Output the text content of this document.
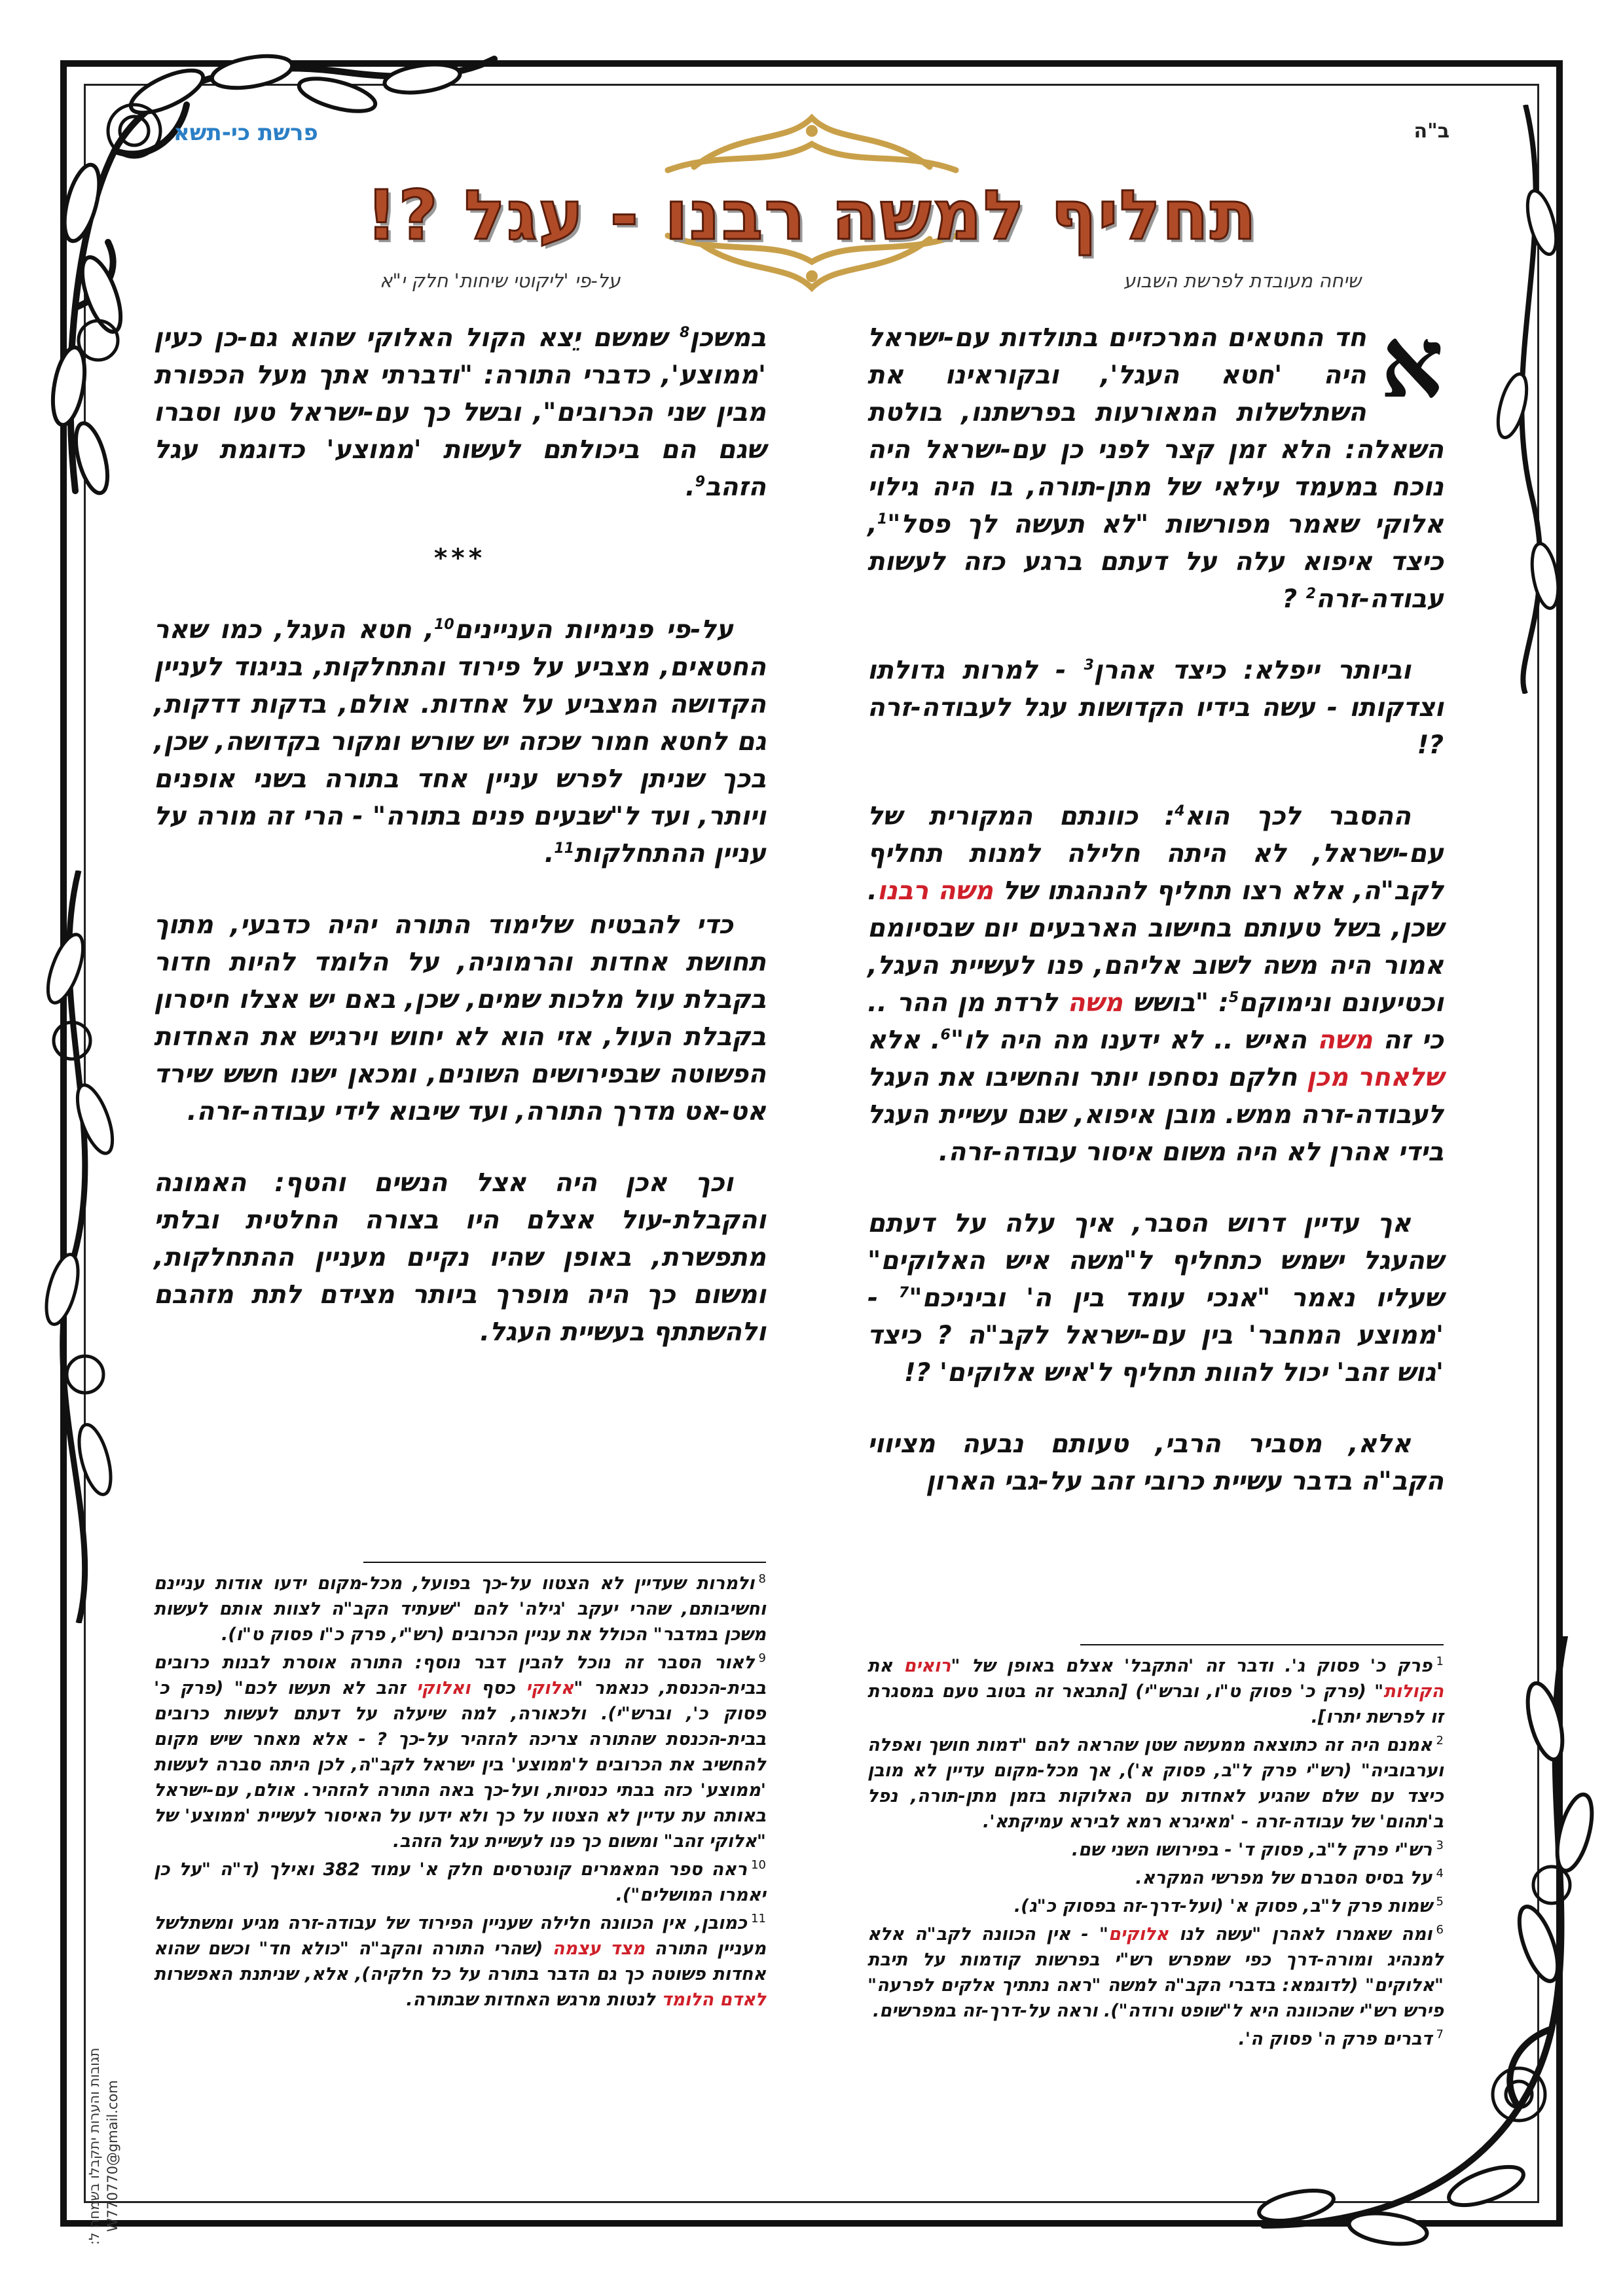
פרשת כי-תשא	ב"ה
תחליף למשה רבנו - עגל ?!
שיחה מעובדת לפרשת השבוע
על-פי 'ליקוטי שיחות' חלק י"א

א
חד החטאים המרכזיים בתולדות עם-ישראל היה 'חטא העגל', ובקוראינו את השתלשלות המאורעות בפרשתנו, בולטת השאלה: הלא זמן קצר לפני כן עם-ישראל היה נוכח במעמד עילאי של מתן-תורה, בו היה גילוי אלוקי שאמר מפורשות "לא תעשה לך פסל"$^1$, כיצד איפוא עלה על דעתם ברגע כזה לעשות עבודה-זרה$^2$ ?

וביותר ייפלא: כיצד אהרן$^3$ - למרות גדולתו וצדקותו - עשה בידיו הקדושות עגל לעבודה-זרה ?!

ההסבר לכך הוא$^4$: כוונתם המקורית של עם-ישראל, לא היתה חלילה למנות תחליף לקב"ה, אלא רצו תחליף להנהגתו של משה רבנו. שכן, בשל טעותם בחישוב הארבעים יום שבסיומם אמור היה משה לשוב אליהם, פנו לעשיית העגל, וכטיעונם ונימוקם$^5$: "בושש משה לרדת מן ההר .. כי זה משה האיש .. לא ידענו מה היה לו"$^6$. אלא שלאחר מכן חלקם נסחפו יותר והחשיבו את העגל לעבודה-זרה ממש. מובן איפוא, שגם עשיית העגל בידי אהרן לא היה משום איסור עבודה-זרה.

אך עדיין דרוש הסבר, איך עלה על דעתם שהעגל ישמש כתחליף ל"משה איש האלוקים" שעליו נאמר "אנכי עומד בין ה' וביניכם"$^7$ - 'ממוצע המחבר' בין עם-ישראל לקב"ה ? כיצד 'גוש זהב' יכול להוות תחליף ל'איש אלוקים' ?!

אלא, מסביר הרבי, טעותם נבעה מציווי הקב"ה בדבר עשיית כרובי זהב על-גבי הארון

במשכן$^8$ שמשם יֵצא הקול האלוקי שהוא גם-כן כעין 'ממוצע', כדברי התורה: "ודברתי אתך מעל הכפורת מבין שני הכרובים", ובשל כך עם-ישראל טעו וסברו שגם הם ביכולתם לעשות 'ממוצע' כדוגמת עגל הזהב$^9$.

***

על-פי פנימיות העניינים$^{10}$, חטא העגל, כמו שאר החטאים, מצביע על פירוד והתחלקות, בניגוד לעניין הקדושה המצביע על אחדות. אולם, בדקות דדקות, גם לחטא חמור שכזה יש שורש ומקור בקדושה, שכן, בכך שניתן לפרש עניין אחד בתורה בשני אופנים ויותר, ועד ל"שבעים פנים בתורה" - הרי זה מורה על עניין ההתחלקות$^{11}$.

כדי להבטיח שלימוד התורה יהיה כדבעי, מתוך תחושת אחדות והרמוניה, על הלומד להיות חדור בקבלת עול מלכות שמים, שכן, באם יש אצלו חיסרון בקבלת העול, אזי הוא לא יחוש וירגיש את האחדות הפשוטה שבפירושים השונים, ומכאן ישנו חשש שירד אט-אט מדרך התורה, ועד שיבוא לידי עבודה-זרה.

וכך אכן היה אצל הנשים והטף: האמונה והקבלת-עול אצלם היו בצורה החלטית ובלתי מתפשרת, באופן שהיו נקיים מעניין ההתחלקות, ומשום כך היה מופרך ביותר מצידם לתת מזהבם ולהשתתף בעשיית העגל.

$^1$פרק כ' פסוק ג'. ודבר זה 'התקבל' אצלם באופן של "רואים את הקולות" (פרק כ' פסוק ט"ו, וברש"י) [התבאר זה בטוב טעם במסגרת זו לפרשת יתרו].
$^2$אמנם היה זה כתוצאה ממעשה שטן שהראה להם "דמות חושך ואפלה וערבוביה" (רש"י פרק ל"ב, פסוק א'), אך מכל-מקום עדיין לא מובן כיצד עם שלם שהגיע לאחדות עם האלוקות בזמן מתן-תורה, נפל ב'תהום' של עבודה-זרה - 'מאיגרא רמא לבירא עמיקתא'.
$^3$רש"י פרק ל"ב, פסוק ד' - בפירושו השני שם.
$^4$על בסיס הסברם של מפרשי המקרא.
$^5$שמות פרק ל"ב, פסוק א' (ועל-דרך-זה בפסוק כ"ג).
$^6$ומה שאמרו לאהרן "עשה לנו אלוקים" - אין הכוונה לקב"ה אלא למנהיג ומורה-דרך כפי שמפרש רש"י בפרשות קודמות על תיבת "אלוקים" (לדוגמא: בדברי הקב"ה למשה "ראה נתתיך אלקים לפרעה" פירש רש"י שהכוונה היא ל"שופט ורודה"). וראה על-דרך-זה במפרשים.
$^7$דברים פרק ה' פסוק ה'.
$^8$ולמרות שעדיין לא הצטוו על-כך בפועל, מכל-מקום ידעו אודות עניינם וחשיבותם, שהרי יעקב 'גילה' להם "שעתיד הקב"ה לצוות אותם לעשות משכן במדבר" הכולל את עניין הכרובים (רש"י, פרק כ"ו פסוק ט"ו).
$^9$לאור הסבר זה נוכל להבין דבר נוסף: התורה אוסרת לבנות כרובים בבית-הכנסת, כנאמר "אלוקי כסף ואלוקי זהב לא תעשו לכם" (פרק כ' פסוק כ', וברש"י). ולכאורה, למה שיעלה על דעתם לעשות כרובים בבית-הכנסת שהתורה צריכה להזהיר על-כך ? - אלא מאחר שיש מקום להחשיב את הכרובים ל'ממוצע' בין ישראל לקב"ה, לכן היתה סברה לעשות 'ממוצע' כזה בבתי כנסיות, ועל-כך באה התורה להזהיר. אולם, עם-ישראל באותה עת עדיין לא הצטוו על כך ולא ידעו על האיסור לעשיית 'ממוצע' של "אלוקי זהב" ומשום כך פנו לעשיית עגל הזהב.
$^{10}$ראה ספר המאמרים קונטרסים חלק א' עמוד 382 ואילך (ד"ה "על כן יאמרו המושלים").
$^{11}$כמובן, אין הכוונה חלילה שעניין הפירוד של עבודה-זרה מגיע ומשתלשל מעניין התורה מצד עצמה (שהרי התורה והקב"ה "כולא חד" וכשם שהוא אחדות פשוטה כך גם הדבר בתורה על כל חלקיה), אלא, שניתנת האפשרות לאדם הלומד לנטות מרגש האחדות שבתורה.
תגובות והערות יתקבלו בשמחה ל: W770770@gmail.com
